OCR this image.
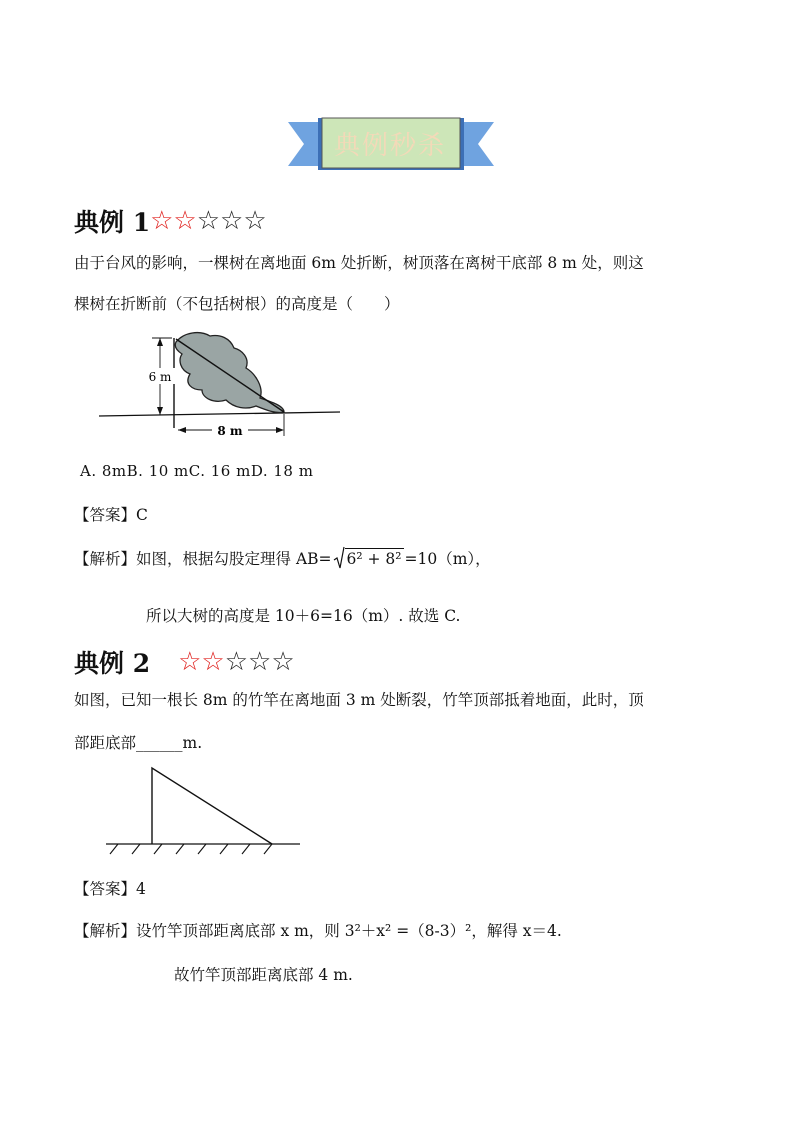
典例秒杀
典例 1 ☆☆ ☆☆☆
由于台风的影响，一棵树在离地面 6m 处折断，树顶落在离树干底部 8 m 处，则这
棵树在折断前（不包括树根）的高度是（　　）
6 m
8 m
A. 8mB. 10 mC. 16 mD. 18 m
【答案】C
【解析】 如图，根据勾股定理得 AB= 6² + 8² =10（m），
所以大树的高度是 10＋6=16（m）. 故选 C.
典例 2 ☆☆ ☆☆☆
如图，已知一根长 8m 的竹竿在离地面 3 m 处断裂，竹竿顶部抵着地面，此时，顶
部距底部______m.
【答案】4
【解析】设竹竿顶部距离底部 x m，则 3²＋x² =（8-3）²，解得 x＝4.
故竹竿顶部距离底部 4 m.
